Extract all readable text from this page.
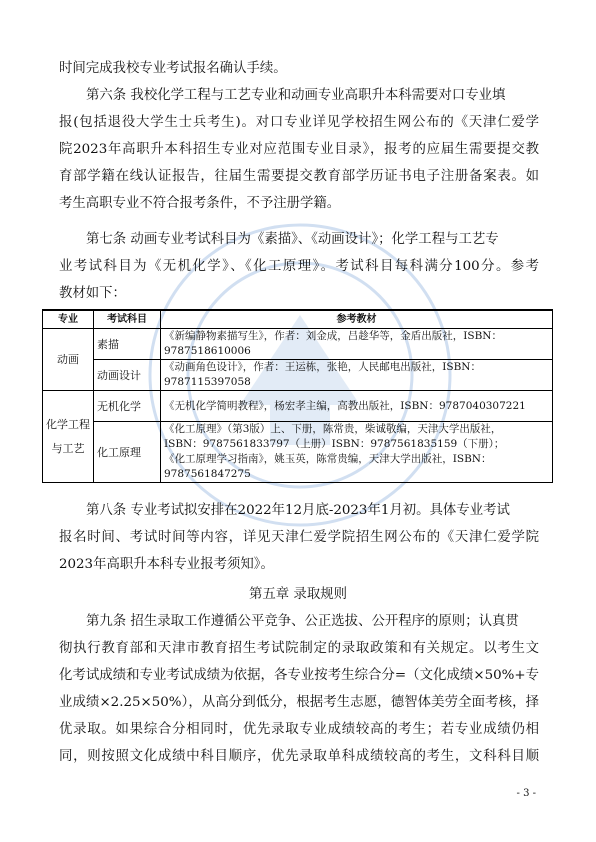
时间完成我校专业考试报名确认手续。
第六条 我校化学工程与工艺专业和动画专业高职升本科需要对口专业填
报(包括退役大学生士兵考生)。对口专业详见学校招生网公布的《天津仁爱学
院2023年高职升本科招生专业对应范围专业目录》，报考的应届生需要提交教
育部学籍在线认证报告，往届生需要提交教育部学历证书电子注册备案表。如
考生高职专业不符合报考条件，不予注册学籍。
第七条 动画专业考试科目为《素描》、《动画设计》；化学工程与工艺专
业考试科目为《无机化学》、《化工原理》。考试科目每科满分100分。参考
教材如下：
专业	考试科目	参考教材
动画	素描	《新编静物素描写生》，作者：刘金成，吕趁华等，金盾出版社，ISBN：
9787518610006

	动画设计	《动画角色设计》，作者：王运栋，张艳，人民邮电出版社，ISBN：
9787115397058

化学工程与工艺	无机化学	《无机化学简明教程》，杨宏孝主编，高教出版社，ISBN：9787040307221
	化工原理	《化工原理》（第3版）上、下册，陈常贵，柴诚敬编，天津大学出版社，
ISBN：9787561833797（上册）ISBN：9787561835159（下册）；
《化工原理学习指南》，姚玉英，陈常贵编，天津大学出版社，ISBN：
9787561847275
第八条 专业考试拟安排在2022年12月底-2023年1月初。具体专业考试
报名时间、考试时间等内容，详见天津仁爱学院招生网公布的《天津仁爱学院
2023年高职升本科专业报考须知》。
第五章 录取规则
第九条 招生录取工作遵循公平竞争、公正选拔、公开程序的原则；认真贯
彻执行教育部和天津市教育招生考试院制定的录取政策和有关规定。以考生文
化考试成绩和专业考试成绩为依据，各专业按考生综合分=（文化成绩×50%+专
业成绩×2.25×50%），从高分到低分，根据考生志愿，德智体美劳全面考核，择
优录取。如果综合分相同时，优先录取专业成绩较高的考生；若专业成绩仍相
同，则按照文化成绩中科目顺序，优先录取单科成绩较高的考生，文科科目顺
- 3 -
